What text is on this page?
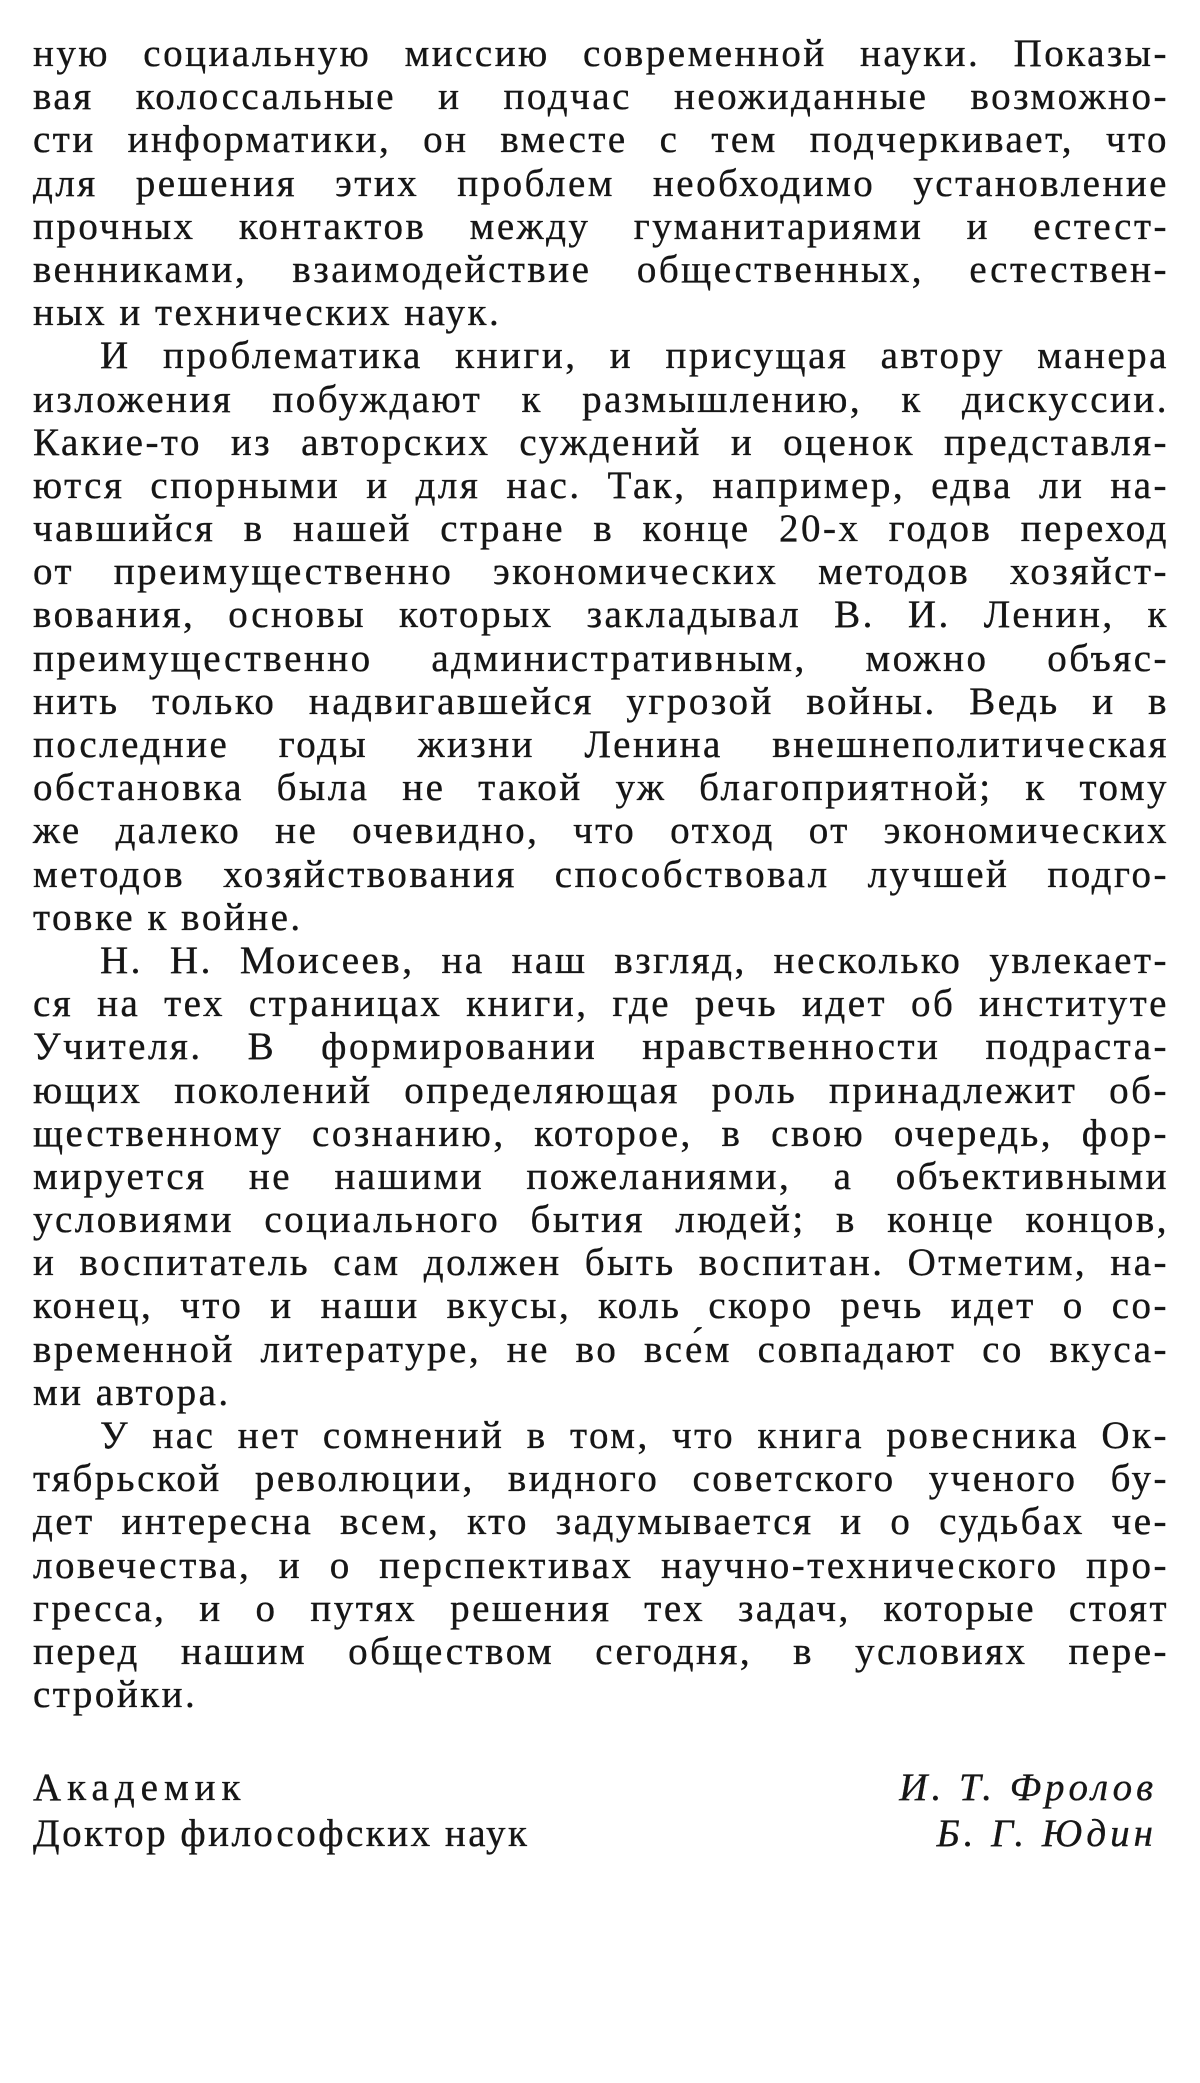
ную социальную миссию современной науки. Показы-
вая колоссальные и подчас неожиданные возможно-
сти информатики, он вместе с тем подчеркивает, что
для решения этих проблем необходимо установление
прочных контактов между гуманитариями и естест-
венниками, взаимодействие общественных, естествен-
ных и технических наук.
И проблематика книги, и присущая автору манера
изложения побуждают к размышлению, к дискуссии.
Какие-то из авторских суждений и оценок представля-
ются спорными и для нас. Так, например, едва ли на-
чавшийся в нашей стране в конце 20-х годов переход
от преимущественно экономических методов хозяйст-
вования, основы которых закладывал В. И. Ленин, к
преимущественно административным, можно объяс-
нить только надвигавшейся угрозой войны. Ведь и в
последние годы жизни Ленина внешнеполитическая
обстановка была не такой уж благоприятной; к тому
же далеко не очевидно, что отход от экономических
методов хозяйствования способствовал лучшей подго-
товке к войне.
Н. Н. Моисеев, на наш взгляд, несколько увлекает-
ся на тех страницах книги, где речь идет об институте
Учителя. В формировании нравственности подраста-
ющих поколений определяющая роль принадлежит об-
щественному сознанию, которое, в свою очередь, фор-
мируется не нашими пожеланиями, а объективными
условиями социального бытия людей; в конце концов,
и воспитатель сам должен быть воспитан. Отметим, на-
конец, что и наши вкусы, коль скоро речь идет о со-
временной литературе, не во все́м совпадают со вкуса-
ми автора.
У нас нет сомнений в том, что книга ровесника Ок-
тябрьской революции, видного советского ученого бу-
дет интересна всем, кто задумывается и о судьбах че-
ловечества, и о перспективах научно-технического про-
гресса, и о путях решения тех задач, которые стоят
перед нашим обществом сегодня, в условиях пере-
стройки.
Академик	И. Т. Фролов
Доктор философских наук	Б. Г. Юдин
